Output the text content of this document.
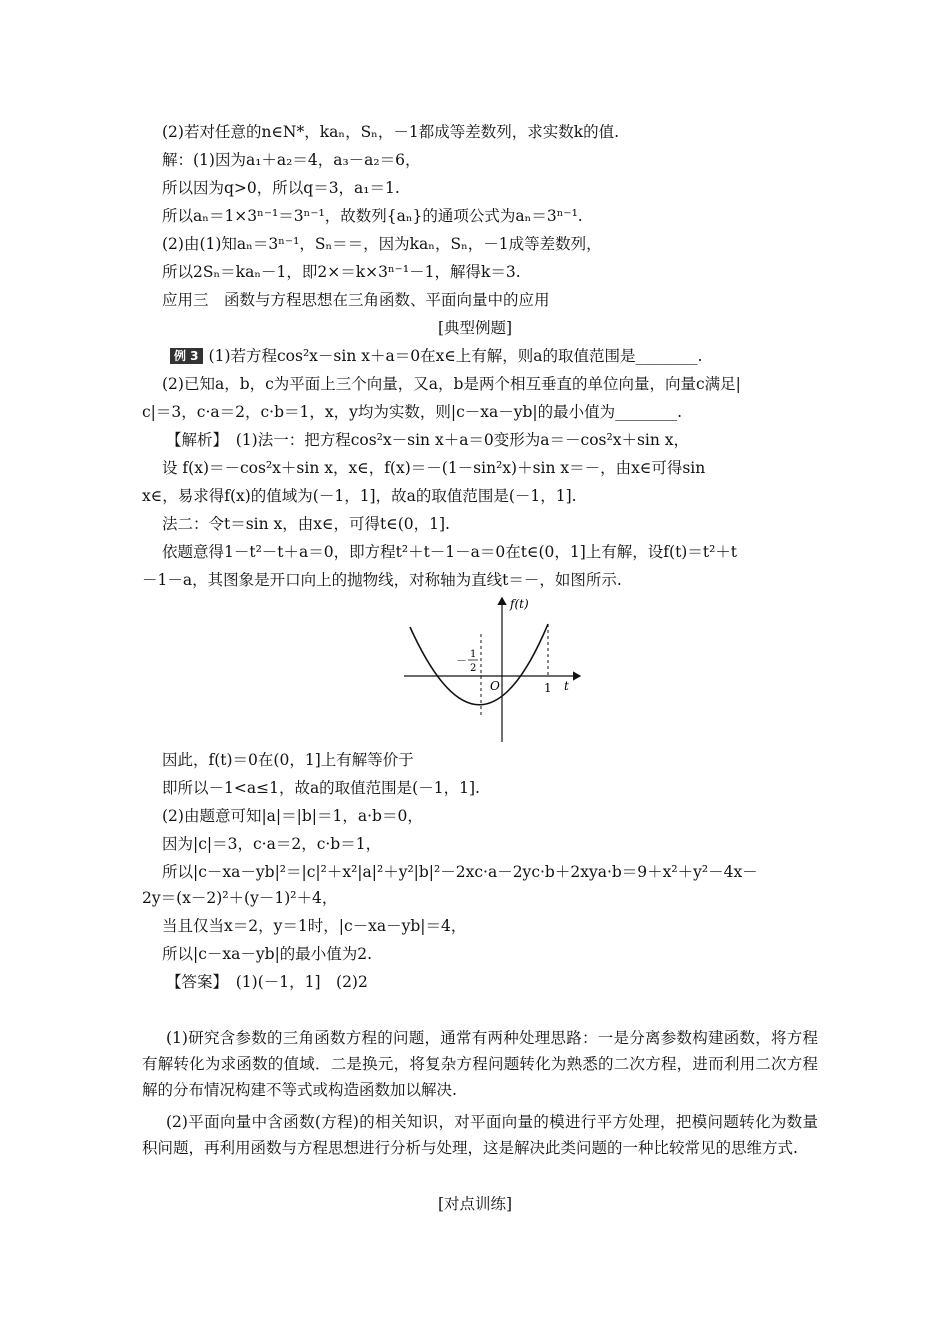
(2)若对任意的n∈N*，kaₙ，Sₙ，－1都成等差数列，求实数k的值.
解：(1)因为a₁＋a₂＝4，a₃－a₂＝6，
所以因为q>0，所以q＝3，a₁＝1.
所以aₙ＝1×3ⁿ⁻¹＝3ⁿ⁻¹，故数列{aₙ}的通项公式为aₙ＝3ⁿ⁻¹.
(2)由(1)知aₙ＝3ⁿ⁻¹，Sₙ＝＝，因为kaₙ，Sₙ，－1成等差数列，
所以2Sₙ＝kaₙ－1，即2×＝k×3ⁿ⁻¹－1，解得k＝3.
应用三　函数与方程思想在三角函数、平面向量中的应用
[典型例题]
例 3 (1)若方程cos²x－sin x＋a＝0在x∈上有解，则a的取值范围是________.
(2)已知a，b，c为平面上三个向量，又a，b是两个相互垂直的单位向量，向量c满足|
c|＝3，c·a＝2，c·b＝1，x，y均为实数，则|c－xa－yb|的最小值为________.
【解析】　(1)法一：把方程cos²x－sin x＋a＝0变形为a＝－cos²x＋sin x，
设 f(x)＝－cos²x＋sin x，x∈，f(x)＝－(1－sin²x)＋sin x＝－，由x∈可得sin
x∈，易求得f(x)的值域为(－1，1]，故a的取值范围是(－1，1].
法二：令t＝sin x，由x∈，可得t∈(0，1].
依题意得1－t²－t＋a＝0，即方程t²＋t－1－a＝0在t∈(0，1]上有解，设f(t)＝t²＋t
－1－a，其图象是开口向上的抛物线，对称轴为直线t＝－，如图所示.
f(t)
t
O	1
－ 1
2
因此，f(t)＝0在(0，1]上有解等价于
即所以－1<a≤1，故a的取值范围是(－1，1].
(2)由题意可知|a|＝|b|＝1，a·b＝0，
因为|c|＝3，c·a＝2，c·b＝1，
所以|c－xa－yb|²＝|c|²＋x²|a|²＋y²|b|²－2xc·a－2yc·b＋2xya·b＝9＋x²＋y²－4x－
2y＝(x－2)²＋(y－1)²＋4，
当且仅当x＝2，y＝1时，|c－xa－yb|＝4，
所以|c－xa－yb|的最小值为2.
【答案】　(1)(－1，1]　(2)2
(1)研究含参数的三角函数方程的问题，通常有两种处理思路：一是分离参数构建函数，将方程有解转化为求函数的值域．二是换元，将复杂方程问题转化为熟悉的二次方程，进而利用二次方程解的分布情况构建不等式或构造函数加以解决.
(2)平面向量中含函数(方程)的相关知识，对平面向量的模进行平方处理，把模问题转化为数量积问题，再利用函数与方程思想进行分析与处理，这是解决此类问题的一种比较常见的思维方式.
[对点训练]
